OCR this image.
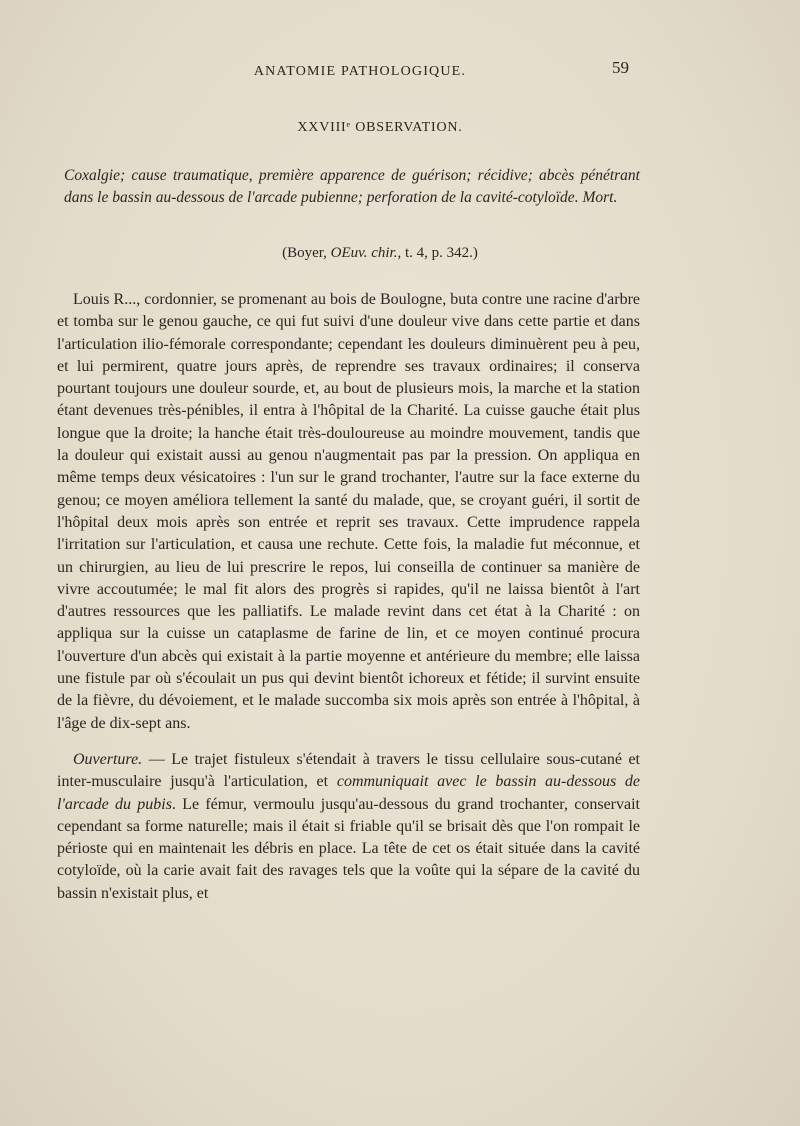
ANATOMIE PATHOLOGIQUE.	59
XXVIIIᵉ OBSERVATION.
Coxalgie; cause traumatique, première apparence de guérison; récidive; abcès pénétrant dans le bassin au-dessous de l'arcade pubienne; perforation de la cavité-cotyloïde. Mort.
(Boyer, OEuv. chir., t. 4, p. 342.)

Louis R..., cordonnier, se promenant au bois de Boulogne, buta contre une racine d'arbre et tomba sur le genou gauche, ce qui fut suivi d'une douleur vive dans cette partie et dans l'articulation ilio-fémorale correspondante; cependant les douleurs diminuèrent peu à peu, et lui permirent, quatre jours après, de reprendre ses travaux ordinaires; il conserva pourtant toujours une douleur sourde, et, au bout de plusieurs mois, la marche et la station étant devenues très-pénibles, il entra à l'hôpital de la Charité. La cuisse gauche était plus longue que la droite; la hanche était très-douloureuse au moindre mouvement, tandis que la douleur qui existait aussi au genou n'augmentait pas par la pression. On appliqua en même temps deux vésicatoires : l'un sur le grand trochanter, l'autre sur la face externe du genou; ce moyen améliora tellement la santé du malade, que, se croyant guéri, il sortit de l'hôpital deux mois après son entrée et reprit ses travaux. Cette imprudence rappela l'irritation sur l'articulation, et causa une rechute. Cette fois, la maladie fut méconnue, et un chirurgien, au lieu de lui prescrire le repos, lui conseilla de continuer sa manière de vivre accoutumée; le mal fit alors des progrès si rapides, qu'il ne laissa bientôt à l'art d'autres ressources que les palliatifs. Le malade revint dans cet état à la Charité : on appliqua sur la cuisse un cataplasme de farine de lin, et ce moyen continué procura l'ouverture d'un abcès qui existait à la partie moyenne et antérieure du membre; elle laissa une fistule par où s'écoulait un pus qui devint bientôt ichoreux et fétide; il survint ensuite de la fièvre, du dévoiement, et le malade succomba six mois après son entrée à l'hôpital, à l'âge de dix-sept ans.

Ouverture. — Le trajet fistuleux s'étendait à travers le tissu cellulaire sous-cutané et inter-musculaire jusqu'à l'articulation, et communiquait avec le bassin au-dessous de l'arcade du pubis. Le fémur, vermoulu jusqu'au-dessous du grand trochanter, conservait cependant sa forme naturelle; mais il était si friable qu'il se brisait dès que l'on rompait le périoste qui en maintenait les débris en place. La tête de cet os était située dans la cavité cotyloïde, où la carie avait fait des ravages tels que la voûte qui la sépare de la cavité du bassin n'existait plus, et
